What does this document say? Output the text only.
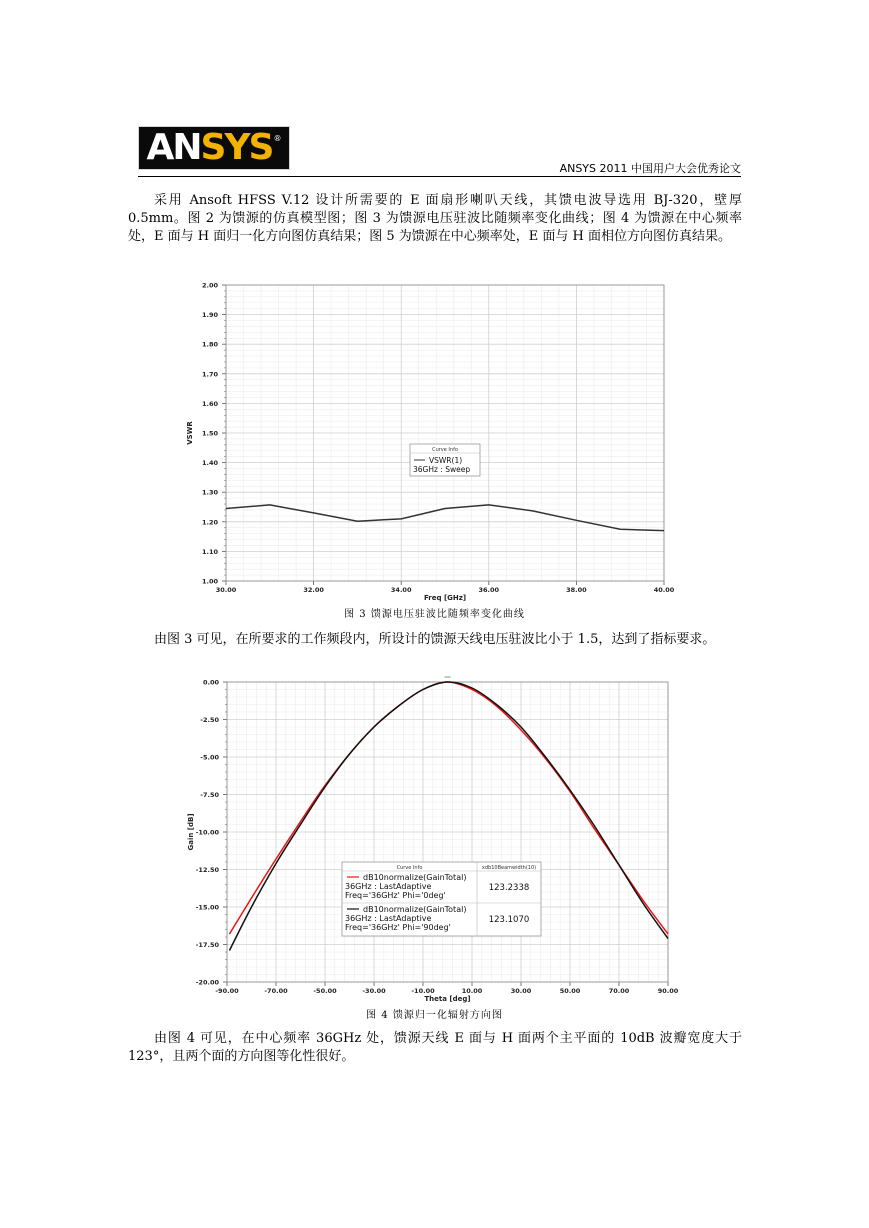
AN SYS ®
ANSYS 2011 中国用户大会优秀论文
采用 Ansoft HFSS V.12 设计所需要的 E 面扇形喇叭天线，其馈电波导选用 BJ-320，壁厚 0.5mm。图 2 为馈源的仿真模型图；图 3 为馈源电压驻波比随频率变化曲线；图 4 为馈源在中心频率处，E 面与 H 面归一化方向图仿真结果；图 5 为馈源在中心频率处，E 面与 H 面相位方向图仿真结果。
30.00	32.00	34.00	36.00	38.00	40.00
1.00
1.10
1.20
1.30
1.40
1.50
1.60
1.70
1.80
1.90
2.00
Freq [GHz]
VSWR
Curve Info
VSWR(1)
36GHz : Sweep
图 3 馈源电压驻波比随频率变化曲线
由图 3 可见，在所要求的工作频段内，所设计的馈源天线电压驻波比小于 1.5，达到了指标要求。
-90.00	-70.00	-50.00	-30.00	-10.00	10.00	30.00	50.00	70.00	90.00
0.00
-2.50
-5.00
-7.50
-10.00
-12.50
-15.00
-17.50
-20.00
Theta [deg]
Gain [dB]
Curve Info	xdb10Beamwidth(10)
dB10normalize(GainTotal)
36GHz : LastAdaptive
Freq='36GHz' Phi='0deg'
123.2338
dB10normalize(GainTotal)
36GHz : LastAdaptive
Freq='36GHz' Phi='90deg'
123.1070
图 4 馈源归一化辐射方向图
由图 4 可见，在中心频率 36GHz 处，馈源天线 E 面与 H 面两个主平面的 10dB 波瓣宽度大于 123°，且两个面的方向图等化性很好。
